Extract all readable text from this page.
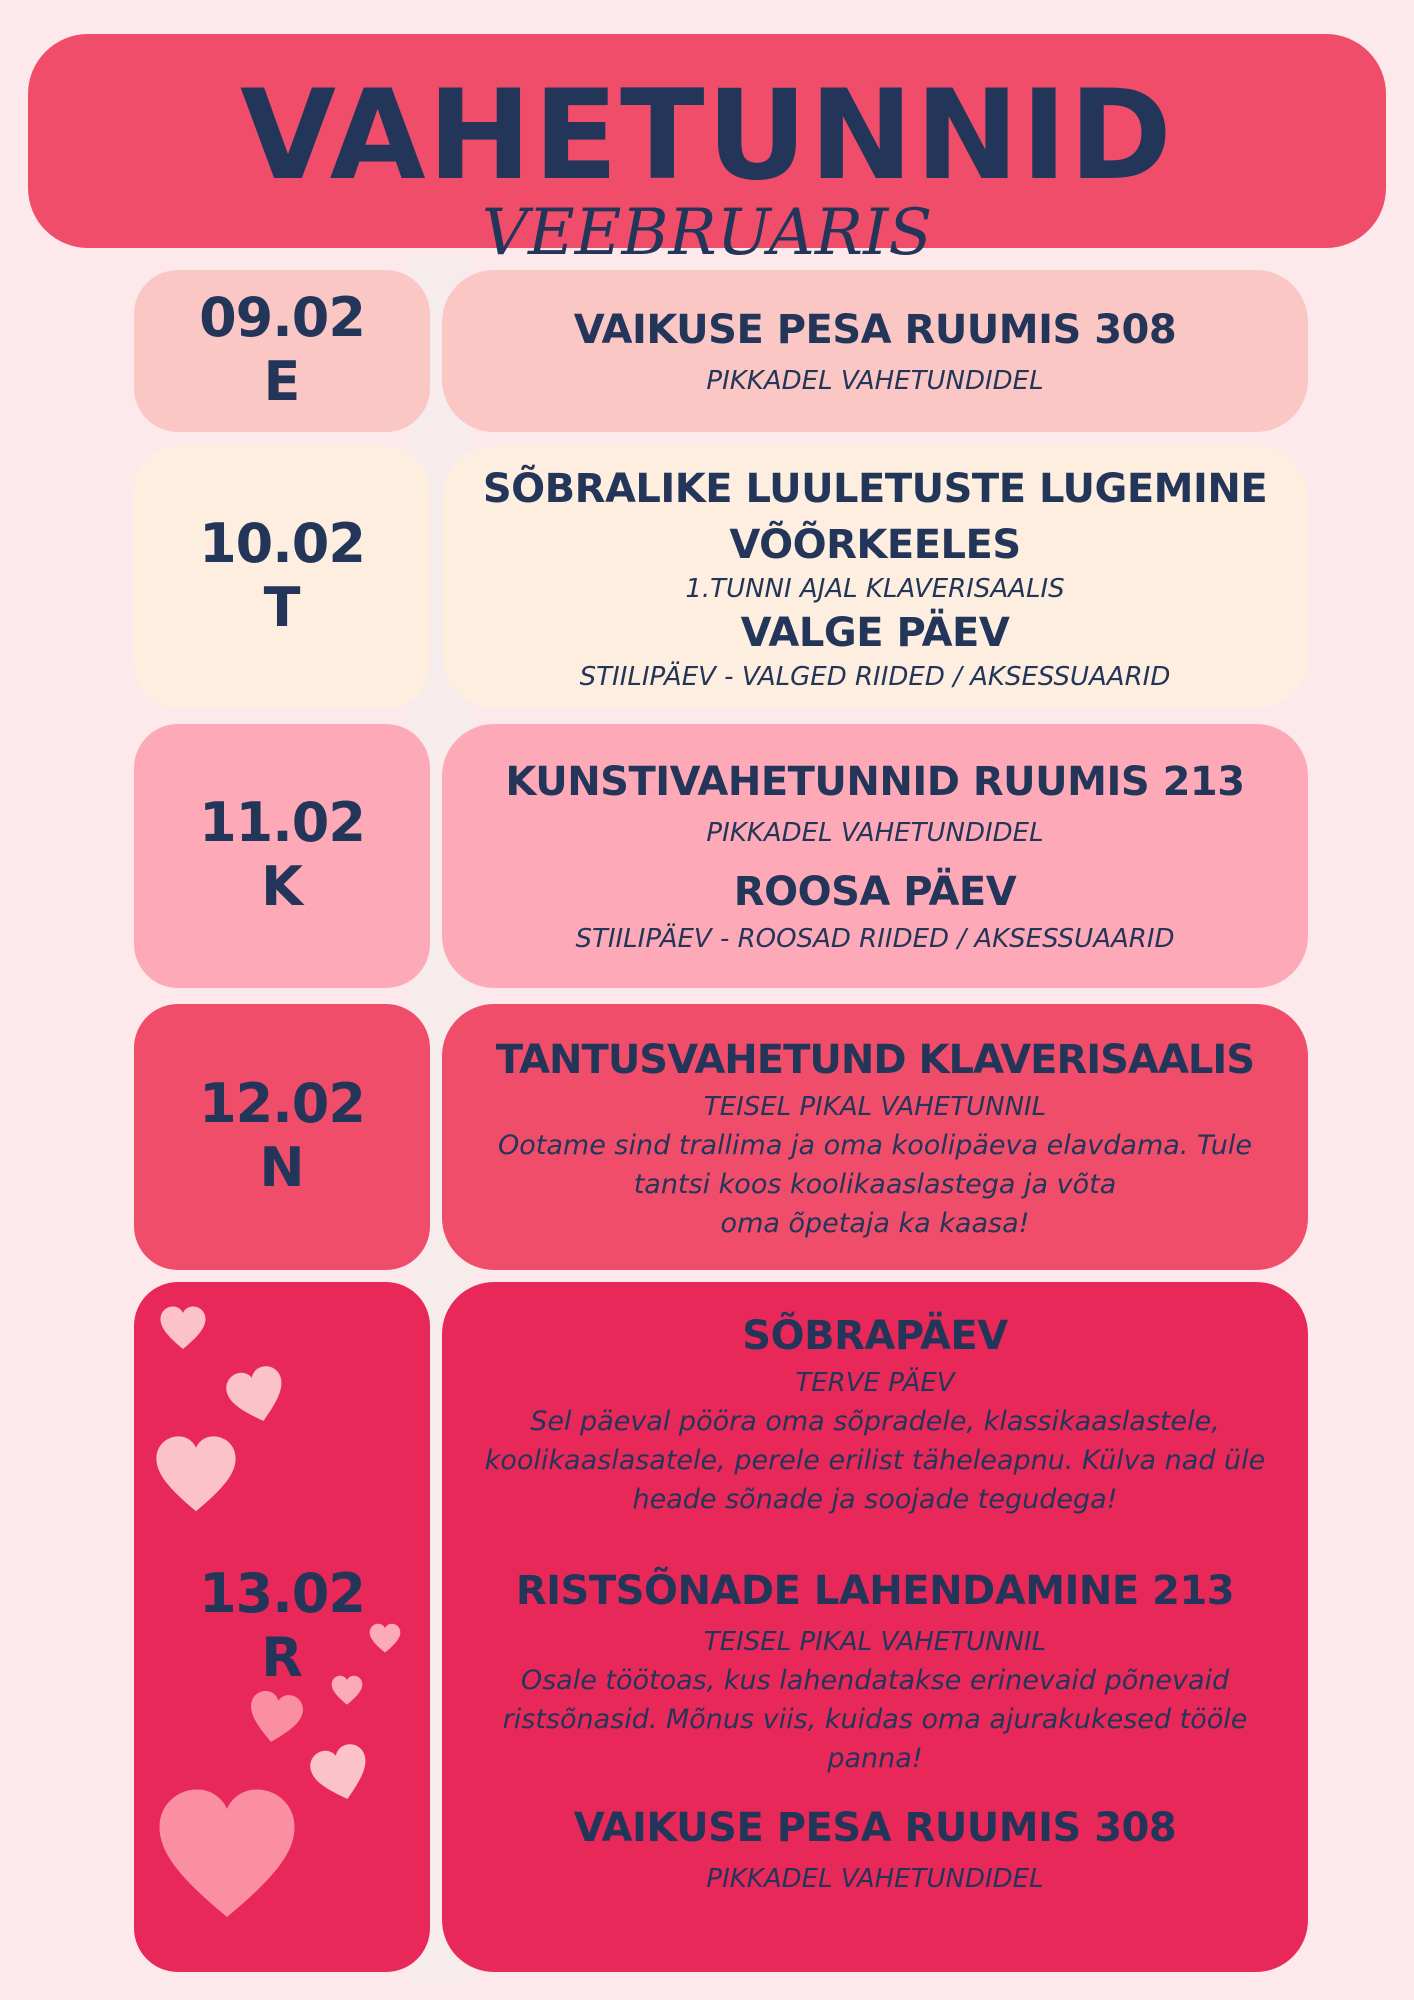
VAHETUNNID
VEEBRUARIS
09.02
E
VAIKUSE PESA RUUMIS 308
PIKKADEL VAHETUNDIDEL
10.02
T
SÕBRALIKE LUULETUSTE LUGEMINE
VÕÕRKEELES
1.TUNNI AJAL KLAVERISAALIS
VALGE PÄEV
STIILIPÄEV - VALGED RIIDED / AKSESSUAARID
11.02
K
KUNSTIVAHETUNNID RUUMIS 213
PIKKADEL VAHETUNDIDEL
ROOSA PÄEV
STIILIPÄEV - ROOSAD RIIDED / AKSESSUAARID
12.02
N
TANTUSVAHETUND KLAVERISAALIS
TEISEL PIKAL VAHETUNNIL
Ootame sind trallima ja oma koolipäeva elavdama. Tule
tantsi koos koolikaaslastega ja võta
oma õpetaja ka kaasa!
13.02
R
SÕBRAPÄEV
TERVE PÄEV
Sel päeval pööra oma sõpradele, klassikaaslastele,
koolikaaslasatele, perele erilist täheleapnu. Külva nad üle
heade sõnade ja soojade tegudega!
RISTSÕNADE LAHENDAMINE 213
TEISEL PIKAL VAHETUNNIL
Osale töötoas, kus lahendatakse erinevaid põnevaid
ristsõnasid. Mõnus viis, kuidas oma ajurakukesed tööle
panna!
VAIKUSE PESA RUUMIS 308
PIKKADEL VAHETUNDIDEL
